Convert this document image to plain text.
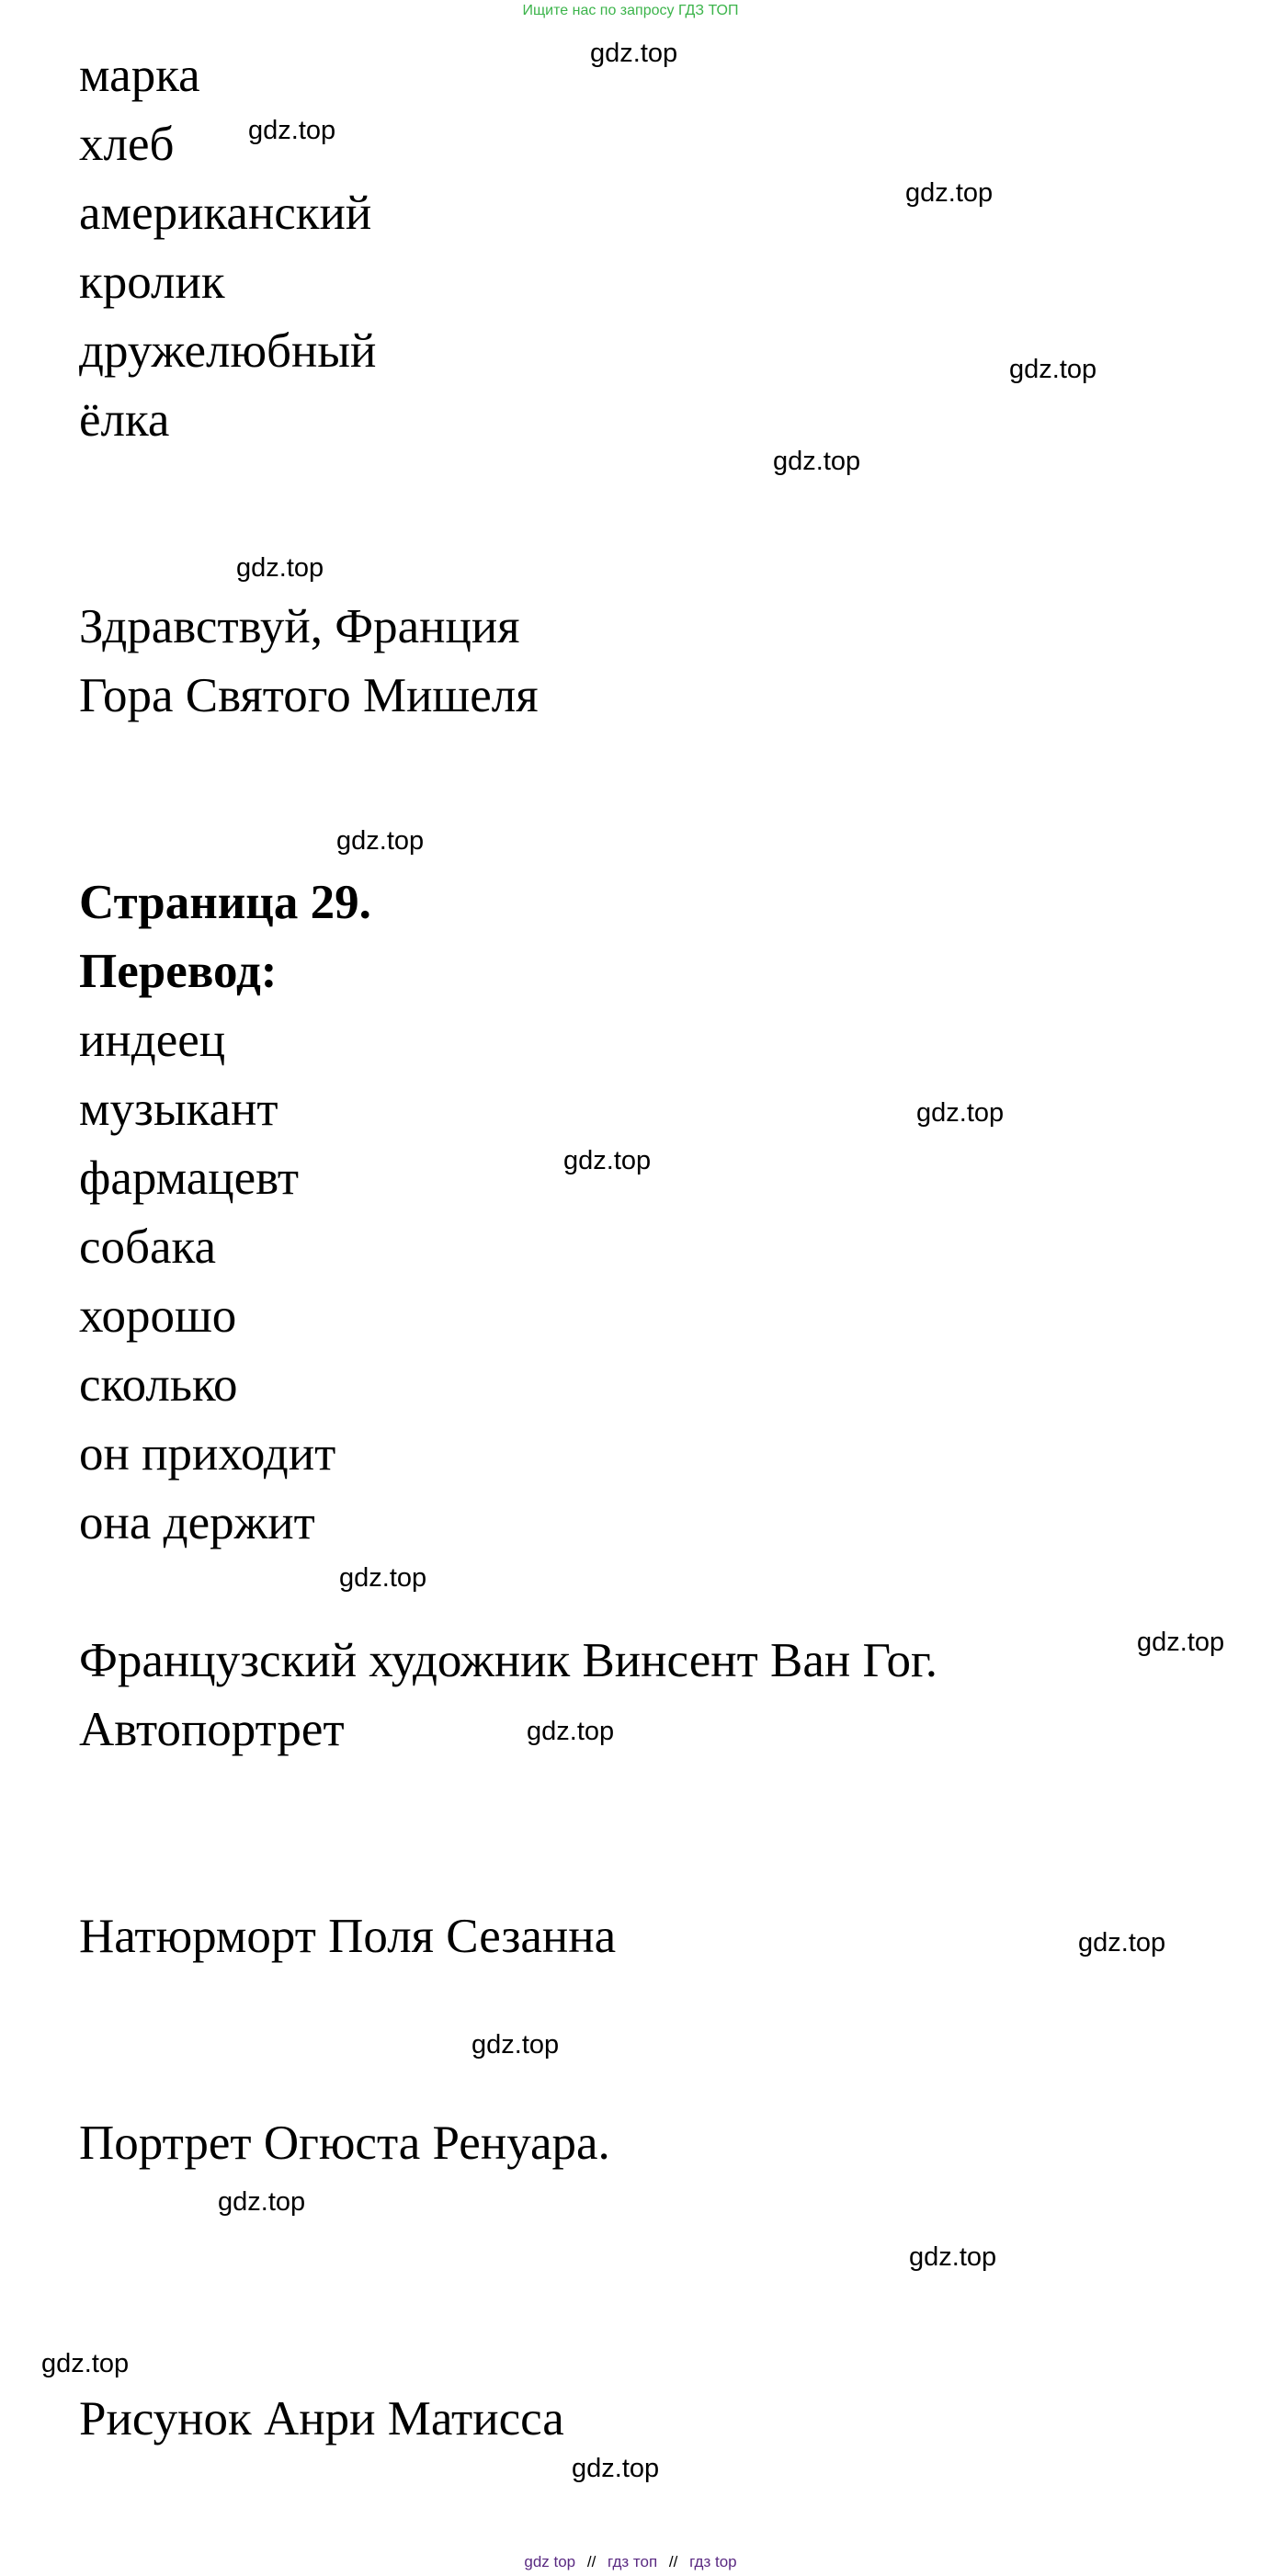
Ищите нас по запросу ГДЗ ТОП
марка
хлеб
американский
кролик
дружелюбный
ёлка
Здравствуй, Франция
Гора Святого Мишеля
Страница 29.
Перевод:
индеец
музыкант
фармацевт
собака
хорошо
сколько
он приходит
она держит
Французский художник Винсент Ван Гог.
Автопортрет
Натюрморт Поля Сезанна
Портрет Огюста Ренуара.
Рисунок Анри Матисса
gdz.top
gdz.top
gdz.top
gdz.top
gdz.top
gdz.top
gdz.top
gdz.top
gdz.top
gdz.top
gdz.top
gdz.top
gdz.top
gdz.top
gdz.top
gdz.top
gdz.top
gdz.top
gdz top // гдз топ // гдз top
